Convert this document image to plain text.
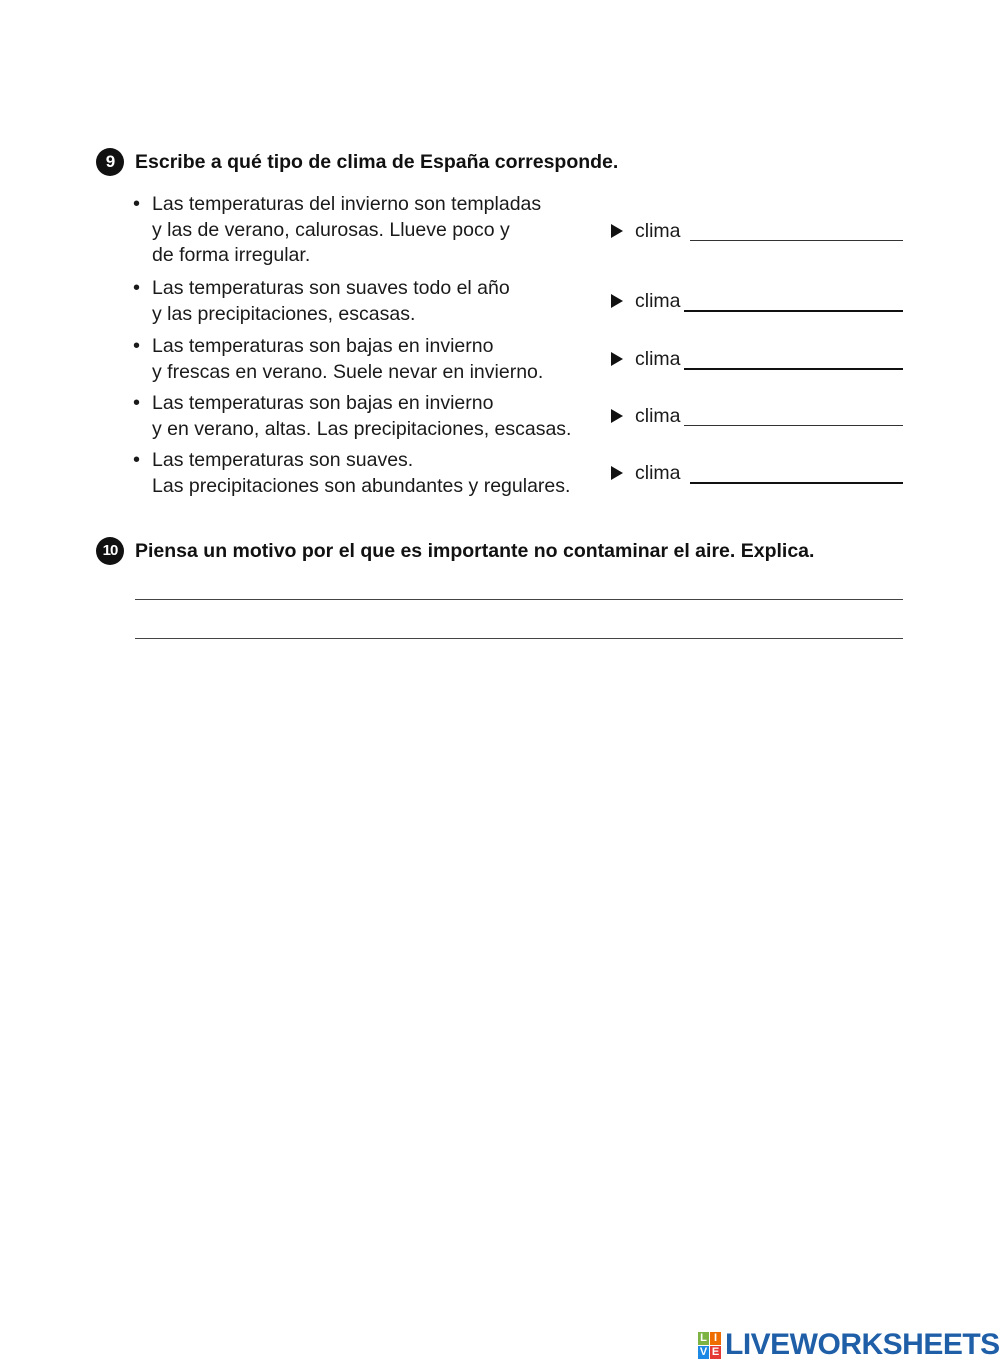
9	Escribe a qué tipo de clima de España corresponde.
• Las temperaturas del invierno son templadas
y las de verano, calurosas. Llueve poco y
de forma irregular.
clima
• Las temperaturas son suaves todo el año
y las precipitaciones, escasas.
clima
• Las temperaturas son bajas en invierno
y frescas en verano. Suele nevar en invierno.
clima
• Las temperaturas son bajas en invierno
y en verano, altas. Las precipitaciones, escasas.
clima
• Las temperaturas son suaves.
Las precipitaciones son abundantes y regulares.
clima
10 Piensa un motivo por el que es importante no contaminar el aire. Explica.
L I
V E LIVEWORKSHEETS
